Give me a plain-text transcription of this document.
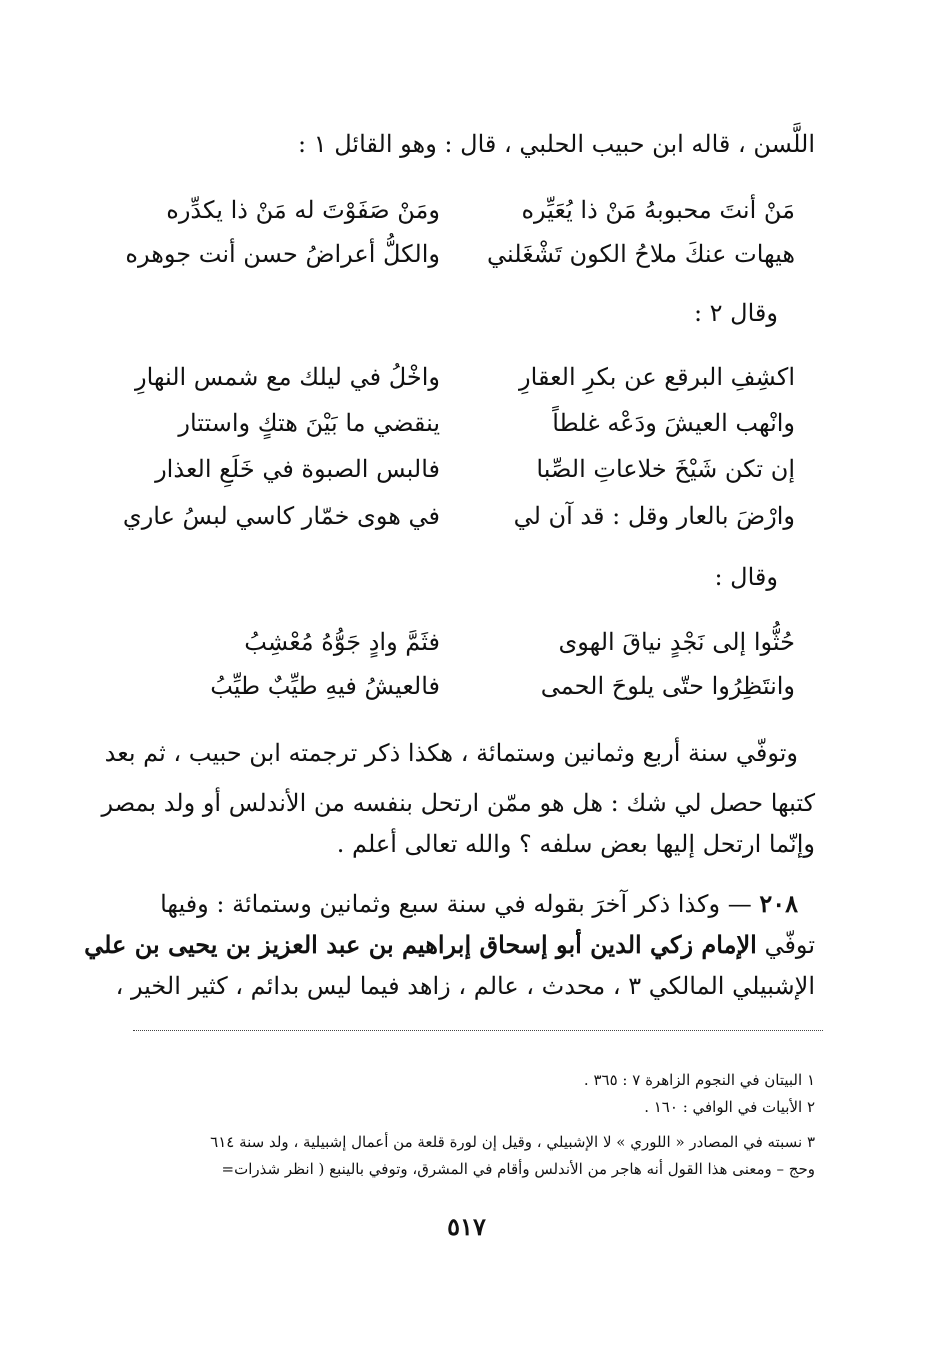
اللَّسن ، قاله ابن حبيب الحلبي ، قال : وهو القائل ١ :
مَنْ أنتَ محبوبهُ مَنْ ذا يُعَيِّره
ومَنْ صَفَوْتَ له مَنْ ذا يكدِّره
هيهات عنكَ ملاحُ الكون تَشْغَلني
والكلُّ أعراضُ حسن أنت جوهره
وقال ٢ :
اكشِفِ البرقع عن بكرِ العقارِ
واخْلُ في ليلك مع شمس النهارِ
وانْهب العيشَ ودَعْه غلطاً
ينقضي ما بَيْنَ هتكٍ واستتار
إن تكن شَيْخَ خلاعاتِ الصِّبا
فالبس الصبوة في خَلَعِ العذار
وارْضَ بالعار وقل : قد آن لي
في هوى خمّار كاسي لبسُ عاري
وقال :
حُثُّوا إلى نَجْدٍ نياقَ الهوى
فثَمَّ وادٍ جَوُّهُ مُعْشِبُ
وانتَظِرُوا حتّى يلوحَ الحمى
فالعيشُ فيهِ طيِّبٌ طيِّبُ
وتوفّي سنة أربع وثمانين وستمائة ، هكذا ذكر ترجمته ابن حبيب ، ثم بعد
كتبها حصل لي شك : هل هو ممّن ارتحل بنفسه من الأندلس أو ولد بمصر
وإنّما ارتحل إليها بعض سلفه ؟ والله تعالى أعلم .
٢٠٨ — وكذا ذكر آخرَ بقوله في سنة سبع وثمانين وستمائة : وفيها
توفّي الإمام زكي الدين أبو إسحاق إبراهيم بن عبد العزيز بن يحيى بن علي
الإشبيلي المالكي ٣ ، محدث ، عالم ، زاهد فيما ليس بدائم ، كثير الخير ،
١ البيتان في النجوم الزاهرة ٧ : ٣٦٥ .
٢ الأبيات في الوافي : ١٦٠ .
٣ نسبته في المصادر « اللوري » لا الإشبيلي ، وقيل إن لورة قلعة من أعمال إشبيلية ، ولد سنة ٦١٤
وحج – ومعنى هذا القول أنه هاجر من الأندلس وأقام في المشرق، وتوفي بالينبع ( انظر شذرات=
٥١٧
